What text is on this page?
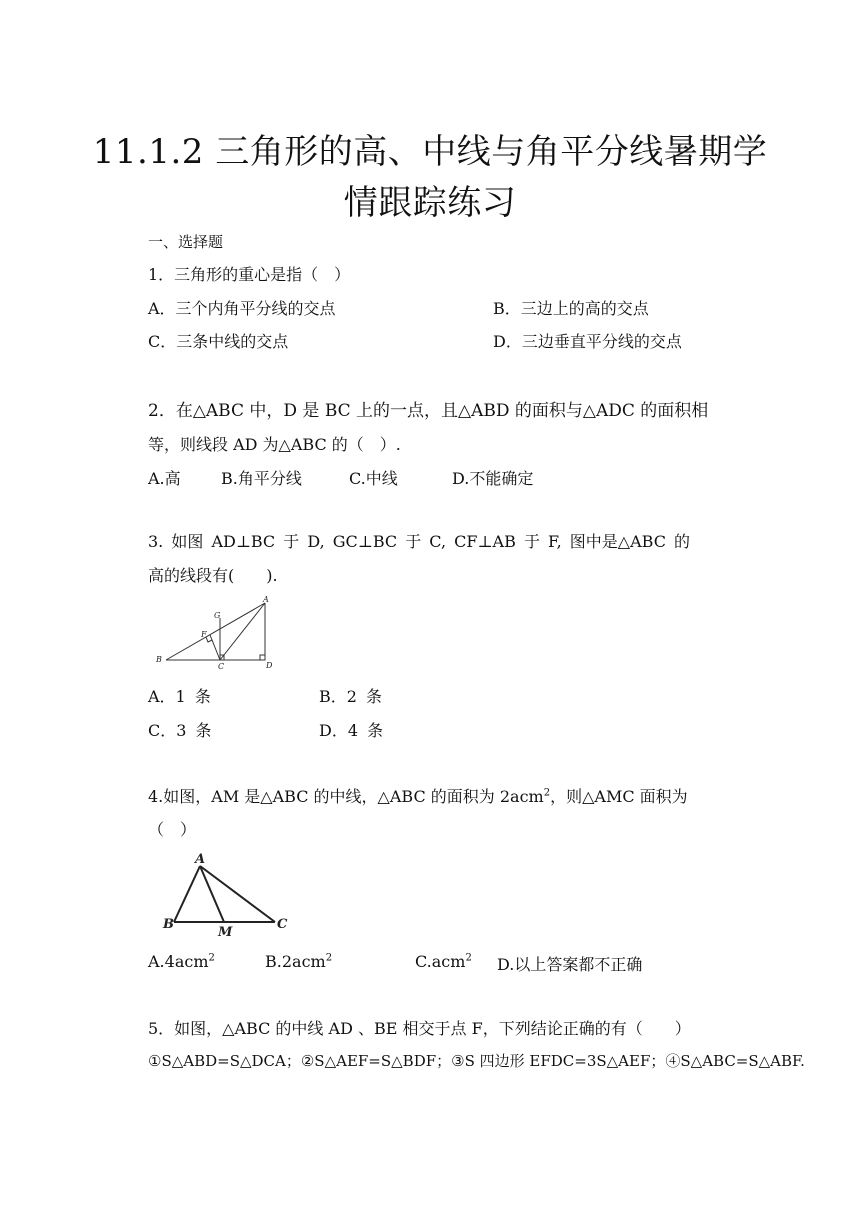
11.1.2 三角形的高、中线与角平分线暑期学
情跟踪练习
一、选择题
1．三角形的重心是指（　）
A．三个内角平分线的交点	B．三边上的高的交点
C．三条中线的交点	D．三边垂直平分线的交点
2．在△ABC 中，D 是 BC 上的一点，且△ABD 的面积与△ADC 的面积相
等，则线段 AD 为△ABC 的（　）.
A.高	B.角平分线	C.中线	D.不能确定
3. 如图 AD⊥BC 于 D, GC⊥BC 于 C, CF⊥AB 于 F, 图中是△ABC 的
高的线段有(　　).
A
B
C	D
F
G
A．1 条	B．2 条
C．3 条	D．4 条
4.如图，AM 是△ABC 的中线，△ABC 的面积为 2acm$^2$，则△AMC 面积为
（　）
A
B	C
M
A.4acm$^2$	B.2acm$^2$	C.acm$^2$ D.以上答案都不正确
5．如图，△ABC 的中线 AD 、BE 相交于点 F，下列结论正确的有（　　）
①S△ABD=S△DCA；②S△AEF=S△BDF；③S 四边形 EFDC=3S△AEF；④S△ABC=S△ABF.
